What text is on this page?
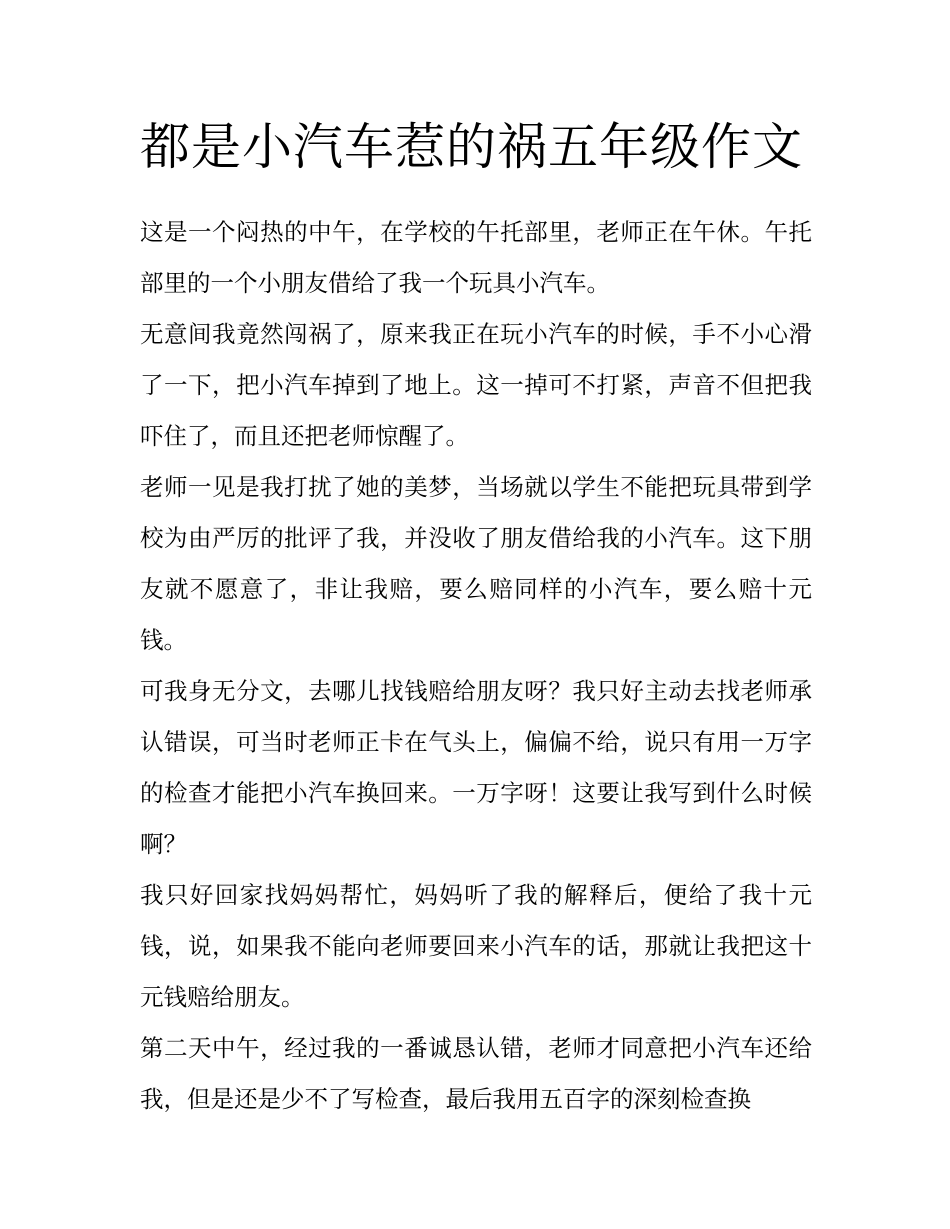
都是小汽车惹的祸五年级作文

这是一个闷热的中午，在学校的午托部里，老师正在午休。午托部里的一个小朋友借给了我一个玩具小汽车。

无意间我竟然闯祸了，原来我正在玩小汽车的时候，手不小心滑了一下，把小汽车掉到了地上。这一掉可不打紧，声音不但把我吓住了，而且还把老师惊醒了。

老师一见是我打扰了她的美梦，当场就以学生不能把玩具带到学校为由严厉的批评了我，并没收了朋友借给我的小汽车。这下朋友就不愿意了，非让我赔，要么赔同样的小汽车，要么赔十元钱。

可我身无分文，去哪儿找钱赔给朋友呀？我只好主动去找老师承认错误，可当时老师正卡在气头上，偏偏不给，说只有用一万字的检查才能把小汽车换回来。一万字呀！这要让我写到什么时候啊？

我只好回家找妈妈帮忙，妈妈听了我的解释后，便给了我十元钱，说，如果我不能向老师要回来小汽车的话，那就让我把这十元钱赔给朋友。

第二天中午，经过我的一番诚恳认错，老师才同意把小汽车还给我，但是还是少不了写检查，最后我用五百字的深刻检查换
